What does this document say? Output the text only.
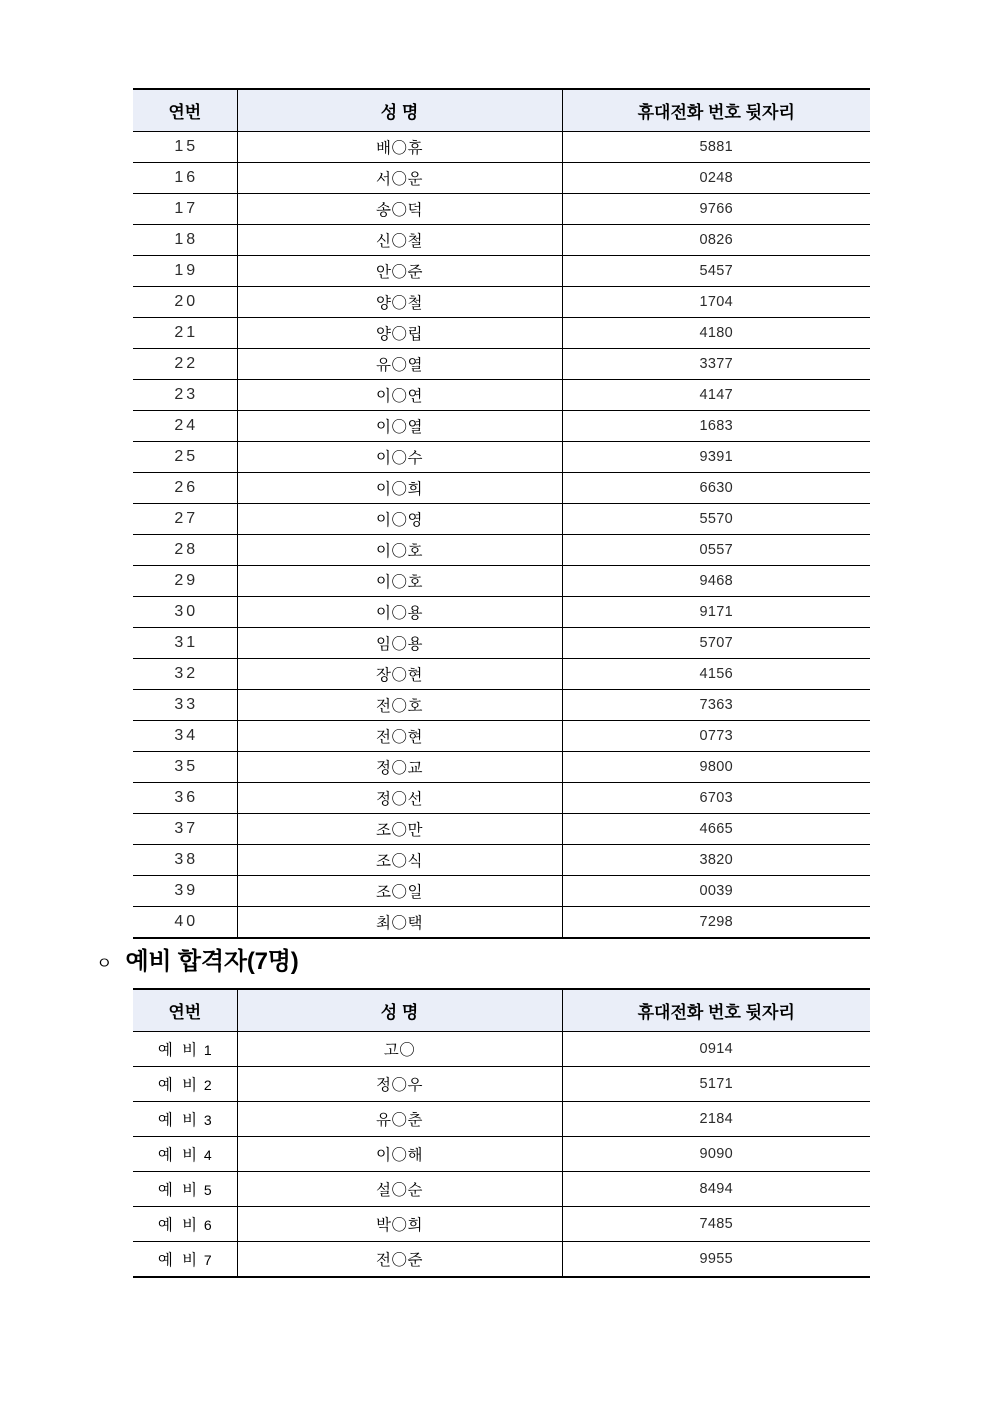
연번	성 명	휴대전화 번호 뒷자리
15	배〇휴	5881
16	서〇운	0248
17	송〇덕	9766
18	신〇철	0826
19	안〇준	5457
20	양〇철	1704
21	양〇립	4180
22	유〇열	3377
23	이〇연	4147
24	이〇열	1683
25	이〇수	9391
26	이〇희	6630
27	이〇영	5570
28	이〇호	0557
29	이〇호	9468
30	이〇용	9171
31	임〇용	5707
32	장〇현	4156
33	전〇호	7363
34	전〇현	0773
35	정〇교	9800
36	정〇선	6703
37	조〇만	4665
38	조〇식	3820
39	조〇일	0039
40	최〇택	7298
ㅇ 예비 합격자(7명)
연번	성 명	휴대전화 번호 뒷자리
예 비 1	고〇	0914
예 비 2	정〇우	5171
예 비 3	유〇춘	2184
예 비 4	이〇해	9090
예 비 5	설〇순	8494
예 비 6	박〇희	7485
예 비 7	전〇준	9955
